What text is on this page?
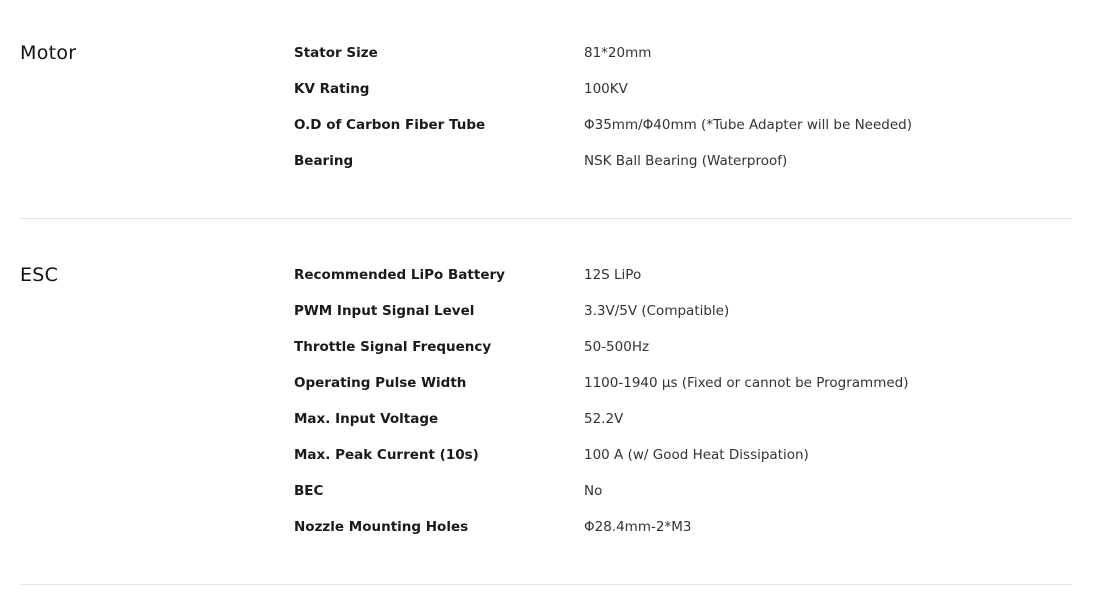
Motor	Stator Size	81*20mm
KV Rating	100KV
O.D of Carbon Fiber Tube	Φ35mm/Φ40mm (*Tube Adapter will be Needed)
Bearing	NSK Ball Bearing (Waterproof)
ESC	Recommended LiPo Battery	12S LiPo
PWM Input Signal Level	3.3V/5V (Compatible)
Throttle Signal Frequency	50-500Hz
Operating Pulse Width	1100-1940 μs (Fixed or cannot be Programmed)
Max. Input Voltage	52.2V
Max. Peak Current (10s)	100 A (w/ Good Heat Dissipation)
BEC	No
Nozzle Mounting Holes	Φ28.4mm-2*M3
